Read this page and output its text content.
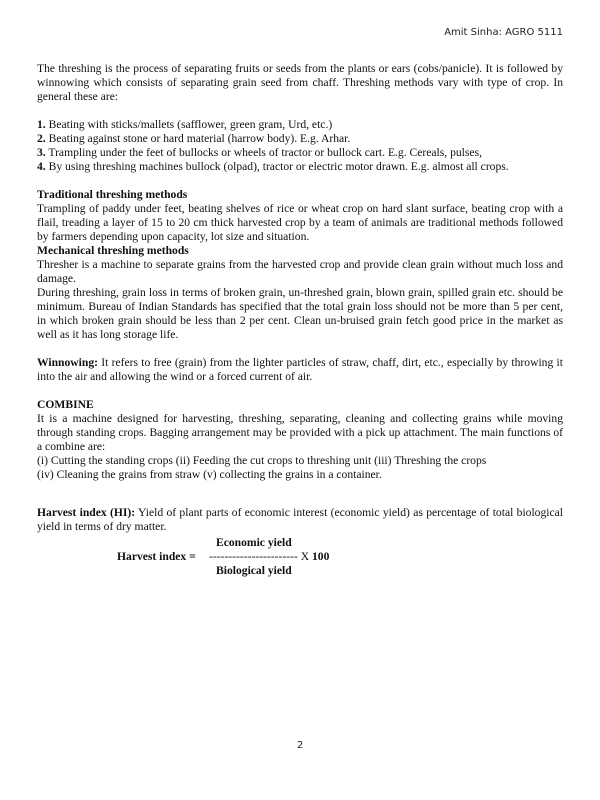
Amit Sinha: AGRO 5111

The threshing is the process of separating fruits or seeds from the plants or ears (cobs/panicle). It is followed by winnowing which consists of separating grain seed from chaff. Threshing methods vary with type of crop. In general these are:

1. Beating with sticks/mallets (safflower, green gram, Urd, etc.)

2. Beating against stone or hard material (harrow body). E.g. Arhar.

3. Trampling under the feet of bullocks or wheels of tractor or bullock cart. E.g. Cereals, pulses,

4. By using threshing machines bullock (olpad), tractor or electric motor drawn. E.g. almost all crops.

Traditional threshing methods

Trampling of paddy under feet, beating shelves of rice or wheat crop on hard slant surface, beating crop with a flail, treading a layer of 15 to 20 cm thick harvested crop by a team of animals are traditional methods followed by farmers depending upon capacity, lot size and situation.

Mechanical threshing methods

Thresher is a machine to separate grains from the harvested crop and provide clean grain without much loss and damage.

During threshing, grain loss in terms of broken grain, un-threshed grain, blown grain, spilled grain etc. should be minimum. Bureau of Indian Standards has specified that the total grain loss should not be more than 5 per cent, in which broken grain should be less than 2 per cent. Clean un-bruised grain fetch good price in the market as well as it has long storage life.

Winnowing: It refers to free (grain) from the lighter particles of straw, chaff, dirt, etc., especially by throwing it into the air and allowing the wind or a forced current of air.

COMBINE

It is a machine designed for harvesting, threshing, separating, cleaning and collecting grains while moving through standing crops. Bagging arrangement may be provided with a pick up attachment. The main functions of a combine are:

(i) Cutting the standing crops (ii) Feeding the cut crops to threshing unit (iii) Threshing the crops

(iv) Cleaning the grains from straw (v) collecting the grains in a container.

Harvest index (HI): Yield of plant parts of economic interest (economic yield) as percentage of total biological yield in terms of dry matter.

Economic yield
Harvest index = ----------------------- X 100
Biological yield
2
